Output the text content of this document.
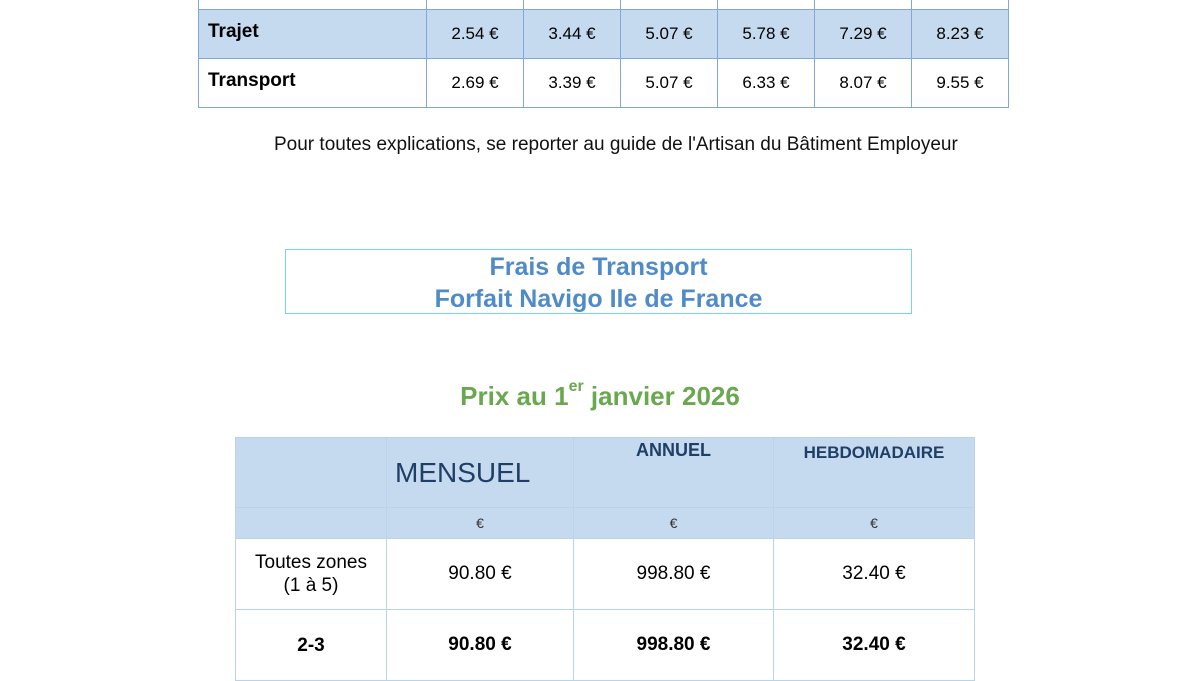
Trajet	2.54 €	3.44 €	5.07 €	5.78 €	7.29 €	8.23 €

Transport	2.69 €	3.39 €	5.07 €	6.33 €	8.07 €	9.55 €
Pour toutes explications, se reporter au guide de l'Artisan du Bâtiment Employeur
Frais de Transport
Forfait Navigo Ile de France
Prix au 1er janvier 2026
	MENSUEL	ANNUEL	HEBDOMADAIRE
	€	€	€
Toutes zones (1 à 5)	90.80 €	998.80 €	32.40 €
2-3	90.80 €	998.80 €	32.40 €
